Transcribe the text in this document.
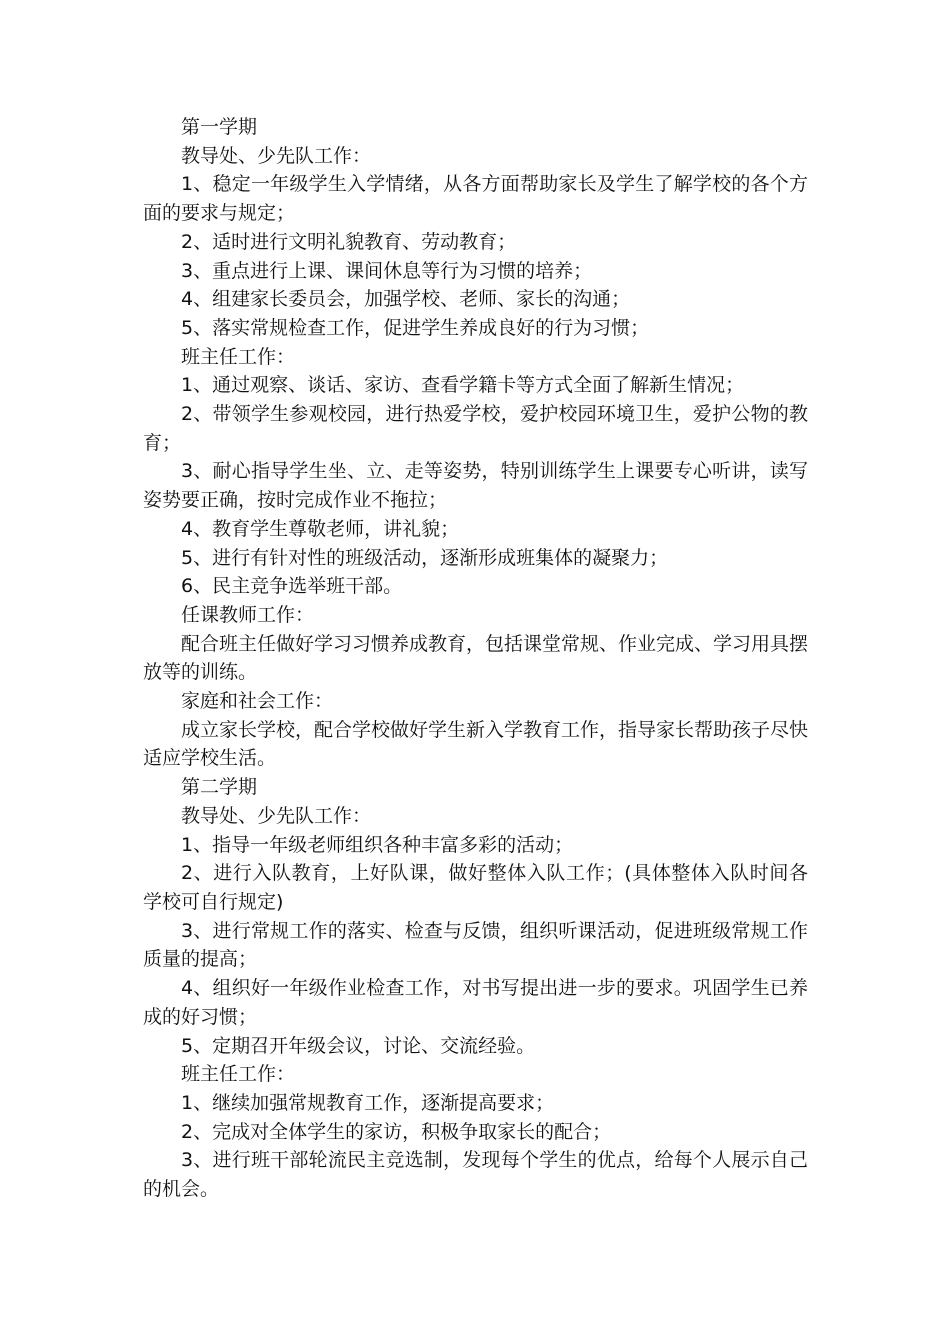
第一学期

教导处、少先队工作：

1、稳定一年级学生入学情绪，从各方面帮助家长及学生了解学校的各个方面的要求与规定；

2、适时进行文明礼貌教育、劳动教育；

3、重点进行上课、课间休息等行为习惯的培养；

4、组建家长委员会，加强学校、老师、家长的沟通；

5、落实常规检查工作，促进学生养成良好的行为习惯；

班主任工作：

1、通过观察、谈话、家访、查看学籍卡等方式全面了解新生情况；

2、带领学生参观校园，进行热爱学校，爱护校园环境卫生，爱护公物的教育；

3、耐心指导学生坐、立、走等姿势，特别训练学生上课要专心听讲，读写姿势要正确，按时完成作业不拖拉；

4、教育学生尊敬老师，讲礼貌；

5、进行有针对性的班级活动，逐渐形成班集体的凝聚力；

6、民主竞争选举班干部。

任课教师工作：

配合班主任做好学习习惯养成教育，包括课堂常规、作业完成、学习用具摆放等的训练。

家庭和社会工作：

成立家长学校，配合学校做好学生新入学教育工作，指导家长帮助孩子尽快适应学校生活。

第二学期

教导处、少先队工作：

1、指导一年级老师组织各种丰富多彩的活动；

2、进行入队教育，上好队课，做好整体入队工作；(具体整体入队时间各学校可自行规定)

3、进行常规工作的落实、检查与反馈，组织听课活动，促进班级常规工作质量的提高；

4、组织好一年级作业检查工作，对书写提出进一步的要求。巩固学生已养成的好习惯；

5、定期召开年级会议，讨论、交流经验。

班主任工作：

1、继续加强常规教育工作，逐渐提高要求；

2、完成对全体学生的家访，积极争取家长的配合；

3、进行班干部轮流民主竞选制，发现每个学生的优点，给每个人展示自己的机会。
